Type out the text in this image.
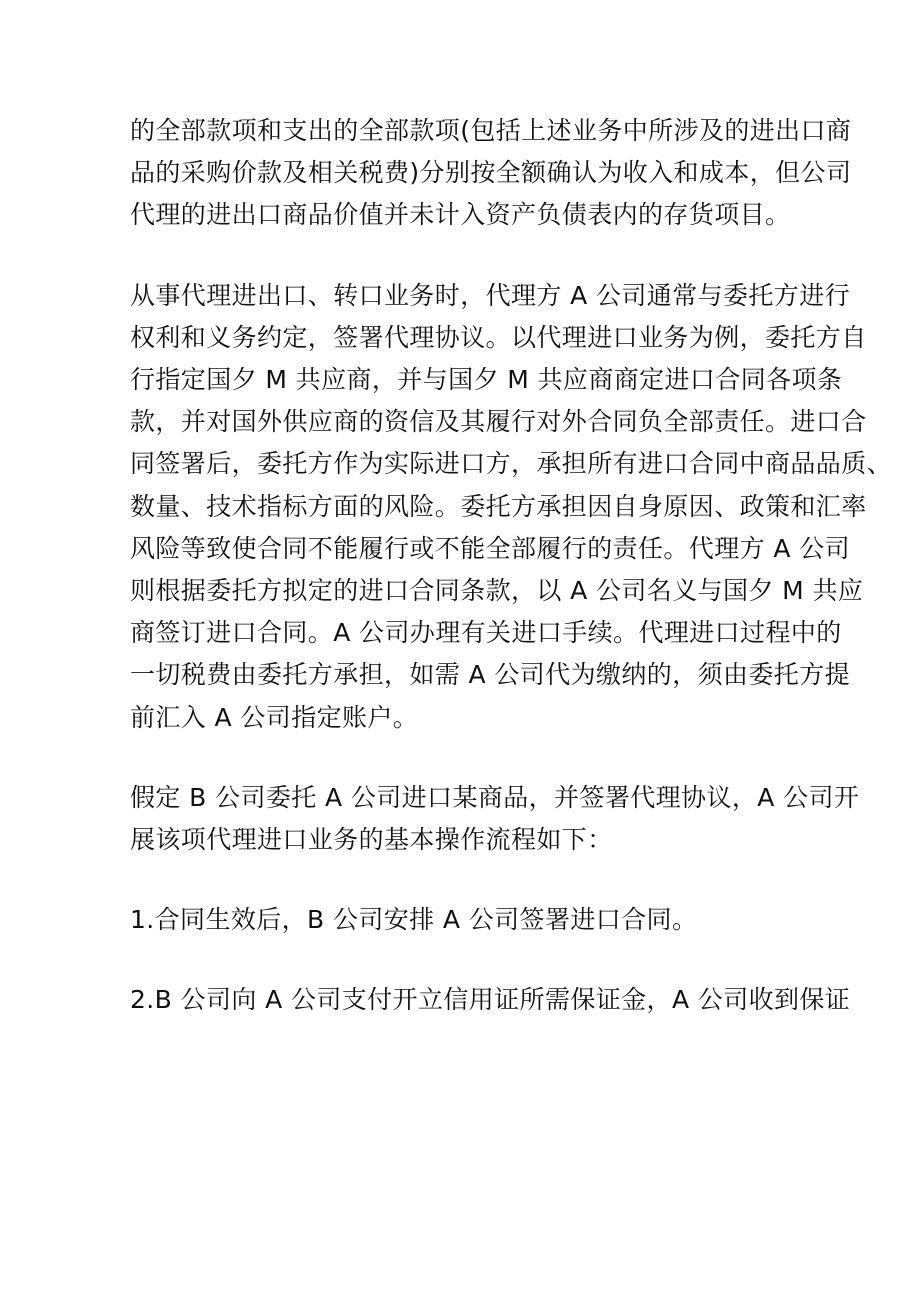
的全部款项和支出的全部款项(包括上述业务中所涉及的进出口商
品的采购价款及相关税费)分别按全额确认为收入和成本，但公司
代理的进出口商品价值并未计入资产负债表内的存货项目。

从事代理进出口、转口业务时，代理方 A 公司通常与委托方进行
权利和义务约定，签署代理协议。以代理进口业务为例，委托方自
行指定国夕 M 共应商，并与国夕 M 共应商商定进口合同各项条
款，并对国外供应商的资信及其履行对外合同负全部责任。进口合
同签署后，委托方作为实际进口方，承担所有进口合同中商品品质、
数量、技术指标方面的风险。委托方承担因自身原因、政策和汇率
风险等致使合同不能履行或不能全部履行的责任。代理方 A 公司
则根据委托方拟定的进口合同条款，以 A 公司名义与国夕 M 共应
商签订进口合同。A 公司办理有关进口手续。代理进口过程中的
一切税费由委托方承担，如需 A 公司代为缴纳的，须由委托方提
前汇入 A 公司指定账户。

假定 B 公司委托 A 公司进口某商品，并签署代理协议，A 公司开
展该项代理进口业务的基本操作流程如下：

1.合同生效后，B 公司安排 A 公司签署进口合同。

2.B 公司向 A 公司支付开立信用证所需保证金，A 公司收到保证
